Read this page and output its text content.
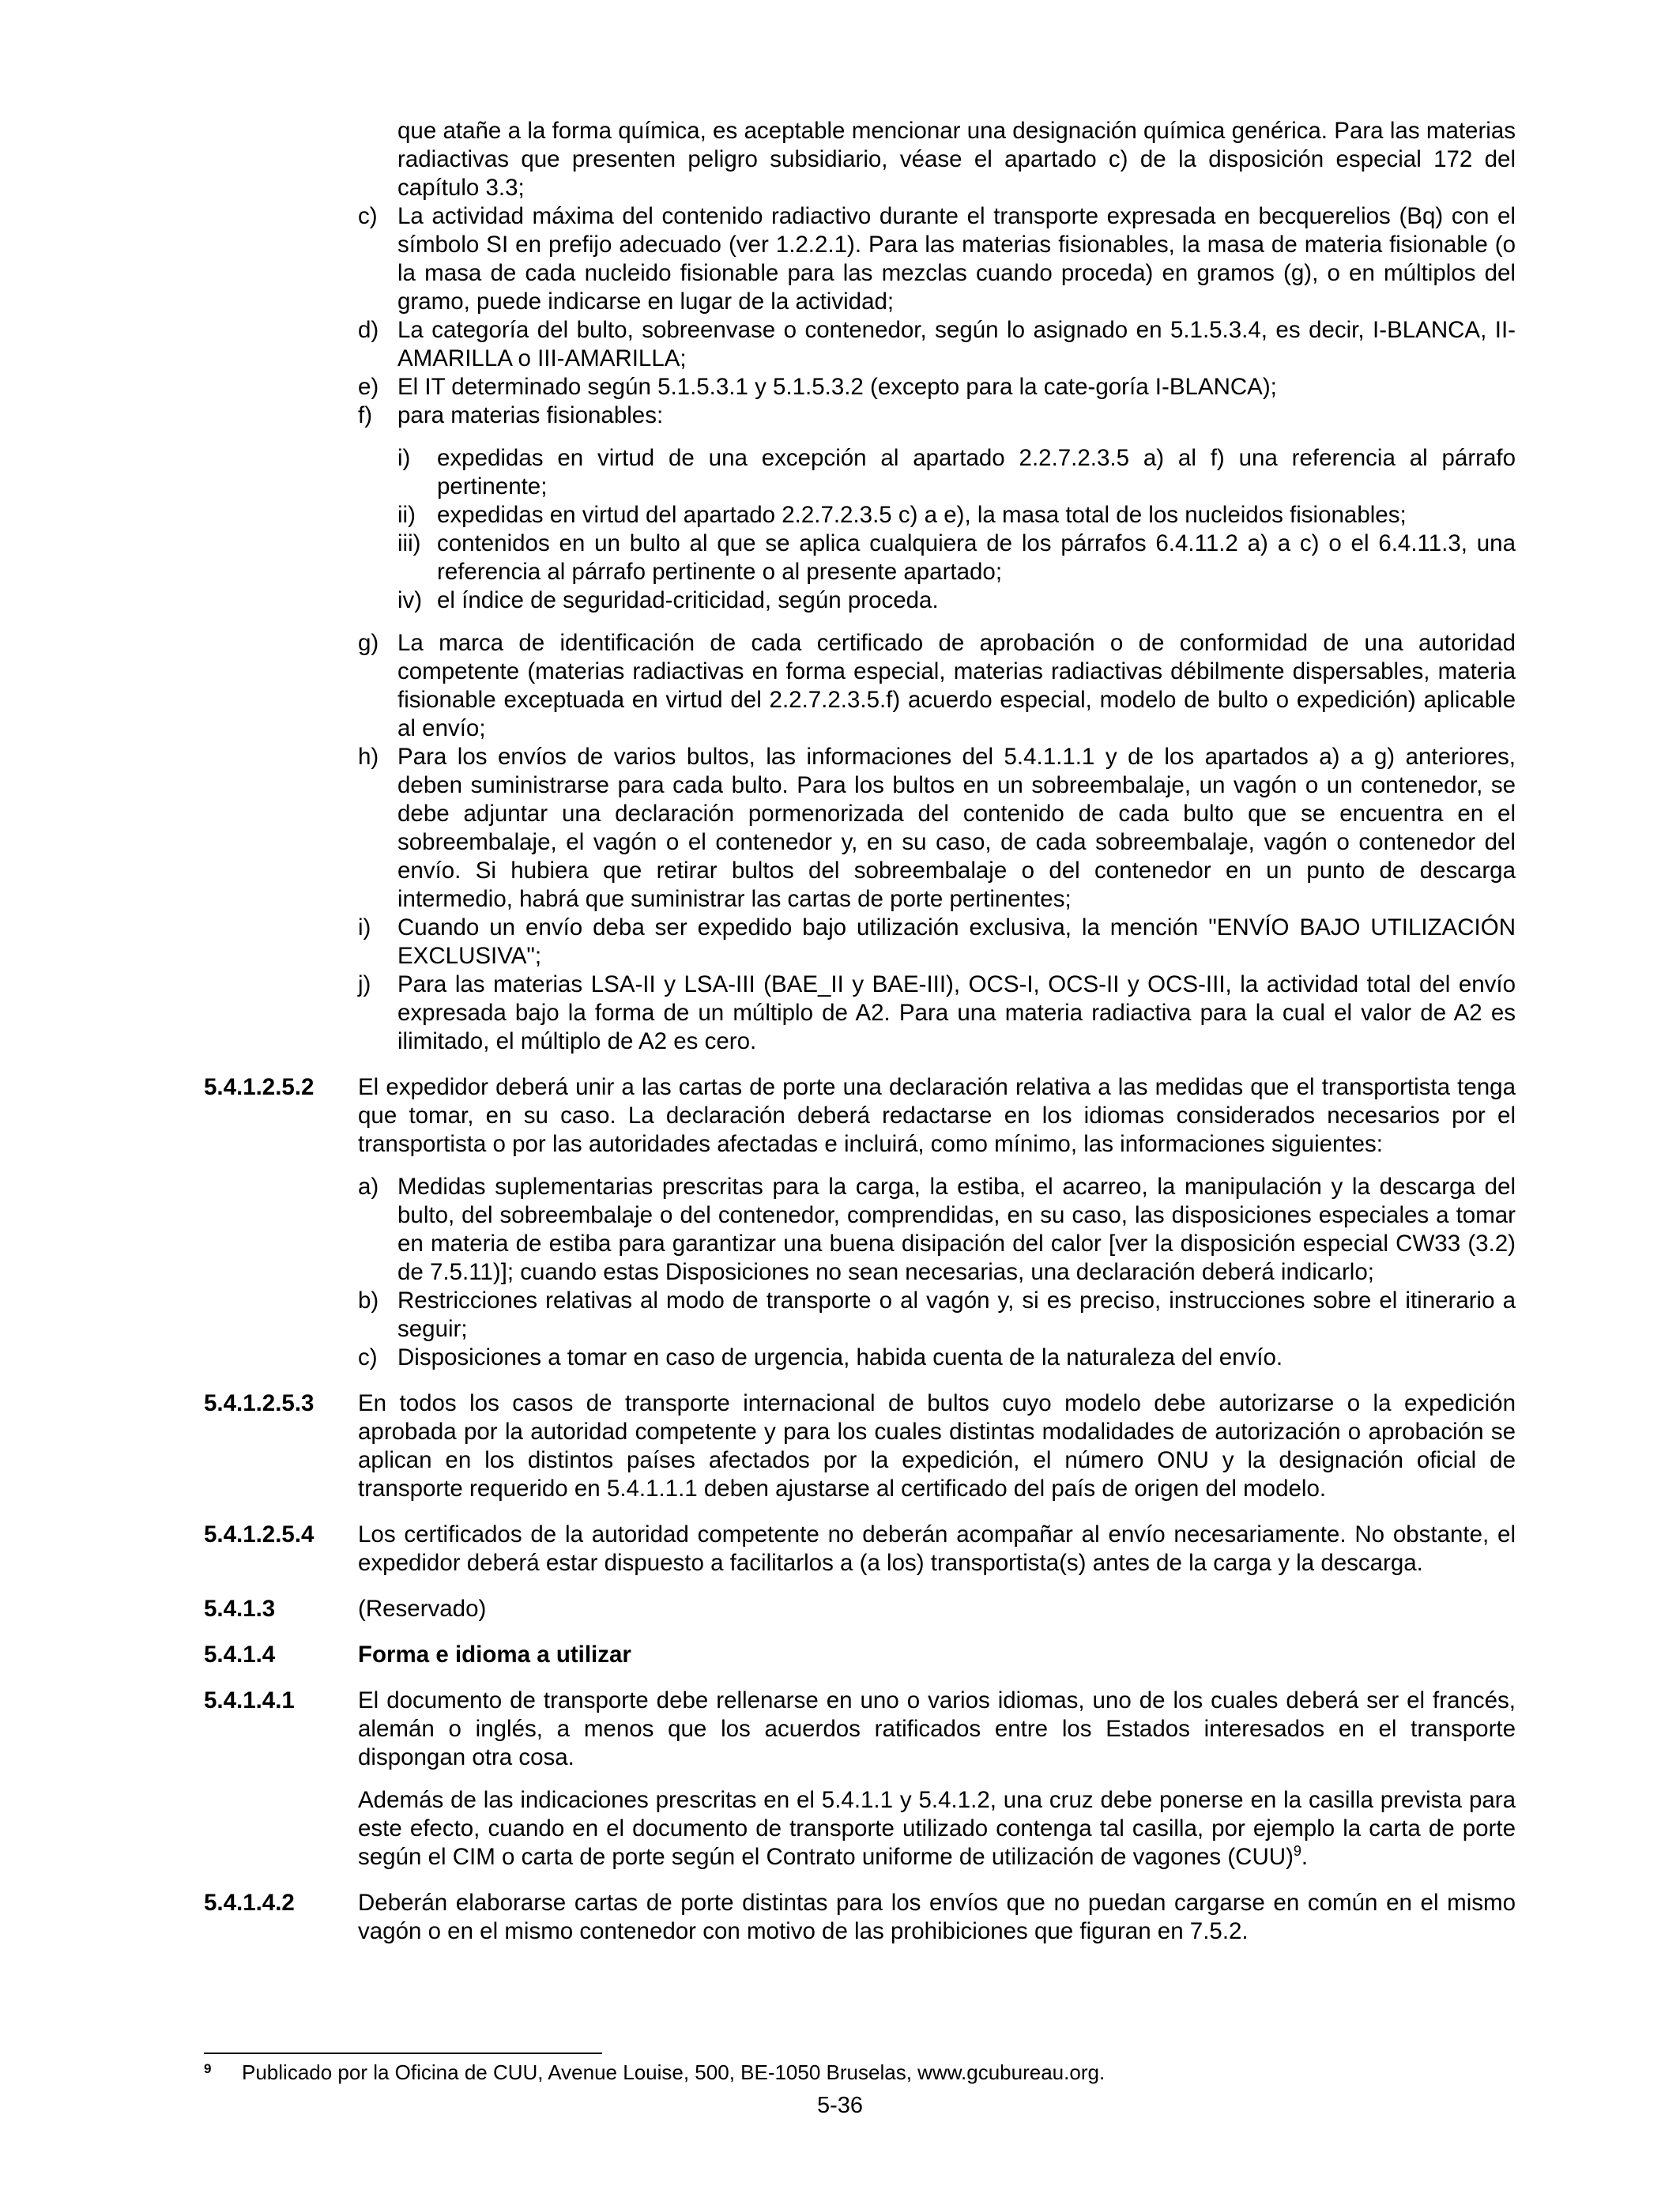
que atañe a la forma química, es aceptable mencionar una designación química genérica. Para las materias radiactivas que presenten peligro subsidiario, véase el apartado c) de la disposición especial 172 del capítulo 3.3;

c) La actividad máxima del contenido radiactivo durante el transporte expresada en becquerelios (Bq) con el símbolo SI en prefijo adecuado (ver 1.2.2.1). Para las materias fisionables, la masa de materia fisionable (o la masa de cada nucleido fisionable para las mezclas cuando proceda) en gramos (g), o en múltiplos del gramo, puede indicarse en lugar de la actividad;
d) La categoría del bulto, sobreenvase o contenedor, según lo asignado en 5.1.5.3.4, es decir, I-BLANCA, II-AMARILLA o III-AMARILLA;
e) El IT determinado según 5.1.5.3.1 y 5.1.5.3.2 (excepto para la cate-goría I-BLANCA);
f) para materias fisionables:
i) expedidas en virtud de una excepción al apartado 2.2.7.2.3.5 a) al f) una referencia al párrafo pertinente;
ii) expedidas en virtud del apartado 2.2.7.2.3.5 c) a e), la masa total de los nucleidos fisionables;
iii) contenidos en un bulto al que se aplica cualquiera de los párrafos 6.4.11.2 a) a c) o el 6.4.11.3, una referencia al párrafo pertinente o al presente apartado;
iv) el índice de seguridad-criticidad, según proceda.
g) La marca de identificación de cada certificado de aprobación o de conformidad de una autoridad competente (materias radiactivas en forma especial, materias radiactivas débilmente dispersables, materia fisionable exceptuada en virtud del 2.2.7.2.3.5.f) acuerdo especial, modelo de bulto o expedición) aplicable al envío;
h) Para los envíos de varios bultos, las informaciones del 5.4.1.1.1 y de los apartados a) a g) anteriores, deben suministrarse para cada bulto. Para los bultos en un sobreembalaje, un vagón o un contenedor, se debe adjuntar una declaración pormenorizada del contenido de cada bulto que se encuentra en el sobreembalaje, el vagón o el contenedor y, en su caso, de cada sobreembalaje, vagón o contenedor del envío. Si hubiera que retirar bultos del sobreembalaje o del contenedor en un punto de descarga intermedio, habrá que suministrar las cartas de porte pertinentes;
i) Cuando un envío deba ser expedido bajo utilización exclusiva, la mención "ENVÍO BAJO UTILIZACIÓN EXCLUSIVA";
j) Para las materias LSA-II y LSA-III (BAE_II y BAE-III), OCS-I, OCS-II y OCS-III, la actividad total del envío expresada bajo la forma de un múltiplo de A2. Para una materia radiactiva para la cual el valor de A2 es ilimitado, el múltiplo de A2 es cero.
5.4.1.2.5.2 El expedidor deberá unir a las cartas de porte una declaración relativa a las medidas que el transportista tenga que tomar, en su caso. La declaración deberá redactarse en los idiomas considerados necesarios por el transportista o por las autoridades afectadas e incluirá, como mínimo, las informaciones siguientes:
a) Medidas suplementarias prescritas para la carga, la estiba, el acarreo, la manipulación y la descarga del bulto, del sobreembalaje o del contenedor, comprendidas, en su caso, las disposiciones especiales a tomar en materia de estiba para garantizar una buena disipación del calor [ver la disposición especial CW33 (3.2) de 7.5.11)]; cuando estas Disposiciones no sean necesarias, una declaración deberá indicarlo;
b) Restricciones relativas al modo de transporte o al vagón y, si es preciso, instrucciones sobre el itinerario a seguir;
c) Disposiciones a tomar en caso de urgencia, habida cuenta de la naturaleza del envío.
5.4.1.2.5.3 En todos los casos de transporte internacional de bultos cuyo modelo debe autorizarse o la expedición aprobada por la autoridad competente y para los cuales distintas modalidades de autorización o aprobación se aplican en los distintos países afectados por la expedición, el número ONU y la designación oficial de transporte requerido en 5.4.1.1.1 deben ajustarse al certificado del país de origen del modelo.
5.4.1.2.5.4 Los certificados de la autoridad competente no deberán acompañar al envío necesariamente. No obstante, el expedidor deberá estar dispuesto a facilitarlos a (a los) transportista(s) antes de la carga y la descarga.
5.4.1.3	(Reservado)
5.4.1.4	Forma e idioma a utilizar
5.4.1.4.1	El documento de transporte debe rellenarse en uno o varios idiomas, uno de los cuales deberá ser el francés, alemán o inglés, a menos que los acuerdos ratificados entre los Estados interesados en el transporte dispongan otra cosa.

Además de las indicaciones prescritas en el 5.4.1.1 y 5.4.1.2, una cruz debe ponerse en la casilla prevista para este efecto, cuando en el documento de transporte utilizado contenga tal casilla, por ejemplo la carta de porte según el CIM o carta de porte según el Contrato uniforme de utilización de vagones (CUU)$^9$.

5.4.1.4.2	Deberán elaborarse cartas de porte distintas para los envíos que no puedan cargarse en común en el mismo vagón o en el mismo contenedor con motivo de las prohibiciones que figuran en 7.5.2.
9 Publicado por la Oficina de CUU, Avenue Louise, 500, BE-1050 Bruselas, www.gcubureau.org.
5-36
